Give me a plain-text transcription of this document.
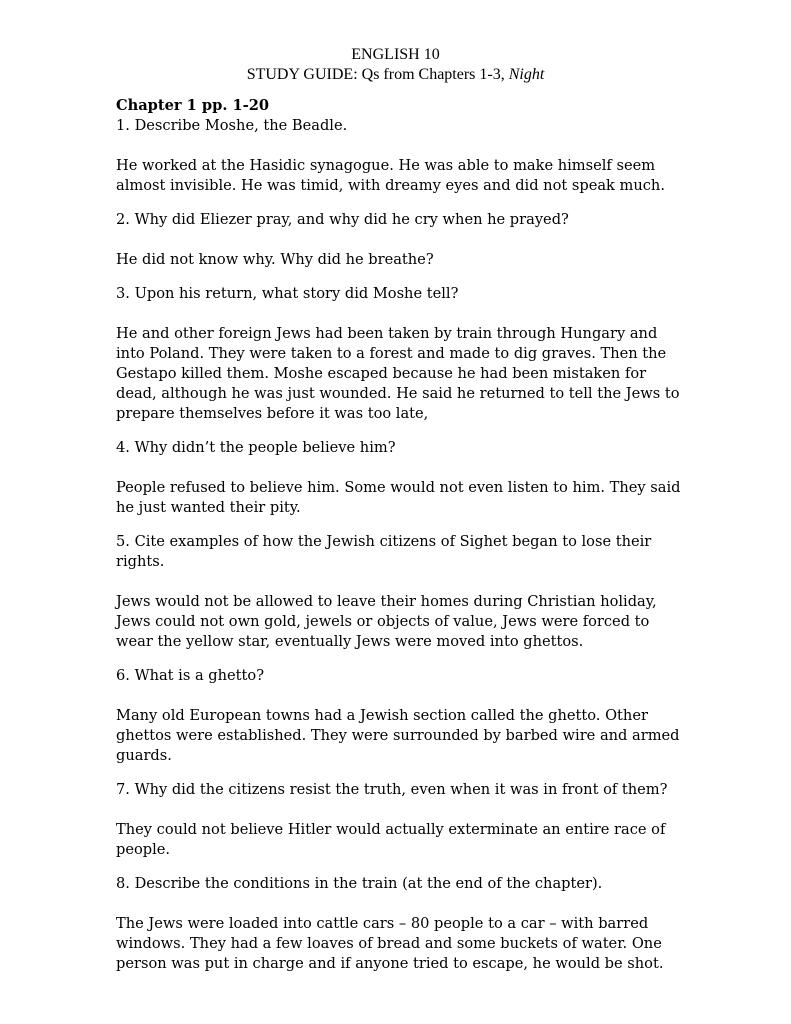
ENGLISH 10
STUDY GUIDE: Qs from Chapters 1-3, Night

Chapter 1 pp. 1-20

1. Describe Moshe, the Beadle.

He worked at the Hasidic synagogue. He was able to make himself seem almost invisible. He was timid, with dreamy eyes and did not speak much.

2. Why did Eliezer pray, and why did he cry when he prayed?

He did not know why. Why did he breathe?

3. Upon his return, what story did Moshe tell?

He and other foreign Jews had been taken by train through Hungary and into Poland. They were taken to a forest and made to dig graves. Then the Gestapo killed them. Moshe escaped because he had been mistaken for dead, although he was just wounded. He said he returned to tell the Jews to prepare themselves before it was too late,

4. Why didn’t the people believe him?

People refused to believe him. Some would not even listen to him. They said he just wanted their pity.

5. Cite examples of how the Jewish citizens of Sighet began to lose their rights.

Jews would not be allowed to leave their homes during Christian holiday, Jews could not own gold, jewels or objects of value, Jews were forced to wear the yellow star, eventually Jews were moved into ghettos.

6. What is a ghetto?

Many old European towns had a Jewish section called the ghetto. Other ghettos were established. They were surrounded by barbed wire and armed guards.

7. Why did the citizens resist the truth, even when it was in front of them?

They could not believe Hitler would actually exterminate an entire race of people.

8. Describe the conditions in the train (at the end of the chapter).

The Jews were loaded into cattle cars – 80 people to a car – with barred windows. They had a few loaves of bread and some buckets of water. One person was put in charge and if anyone tried to escape, he would be shot.
